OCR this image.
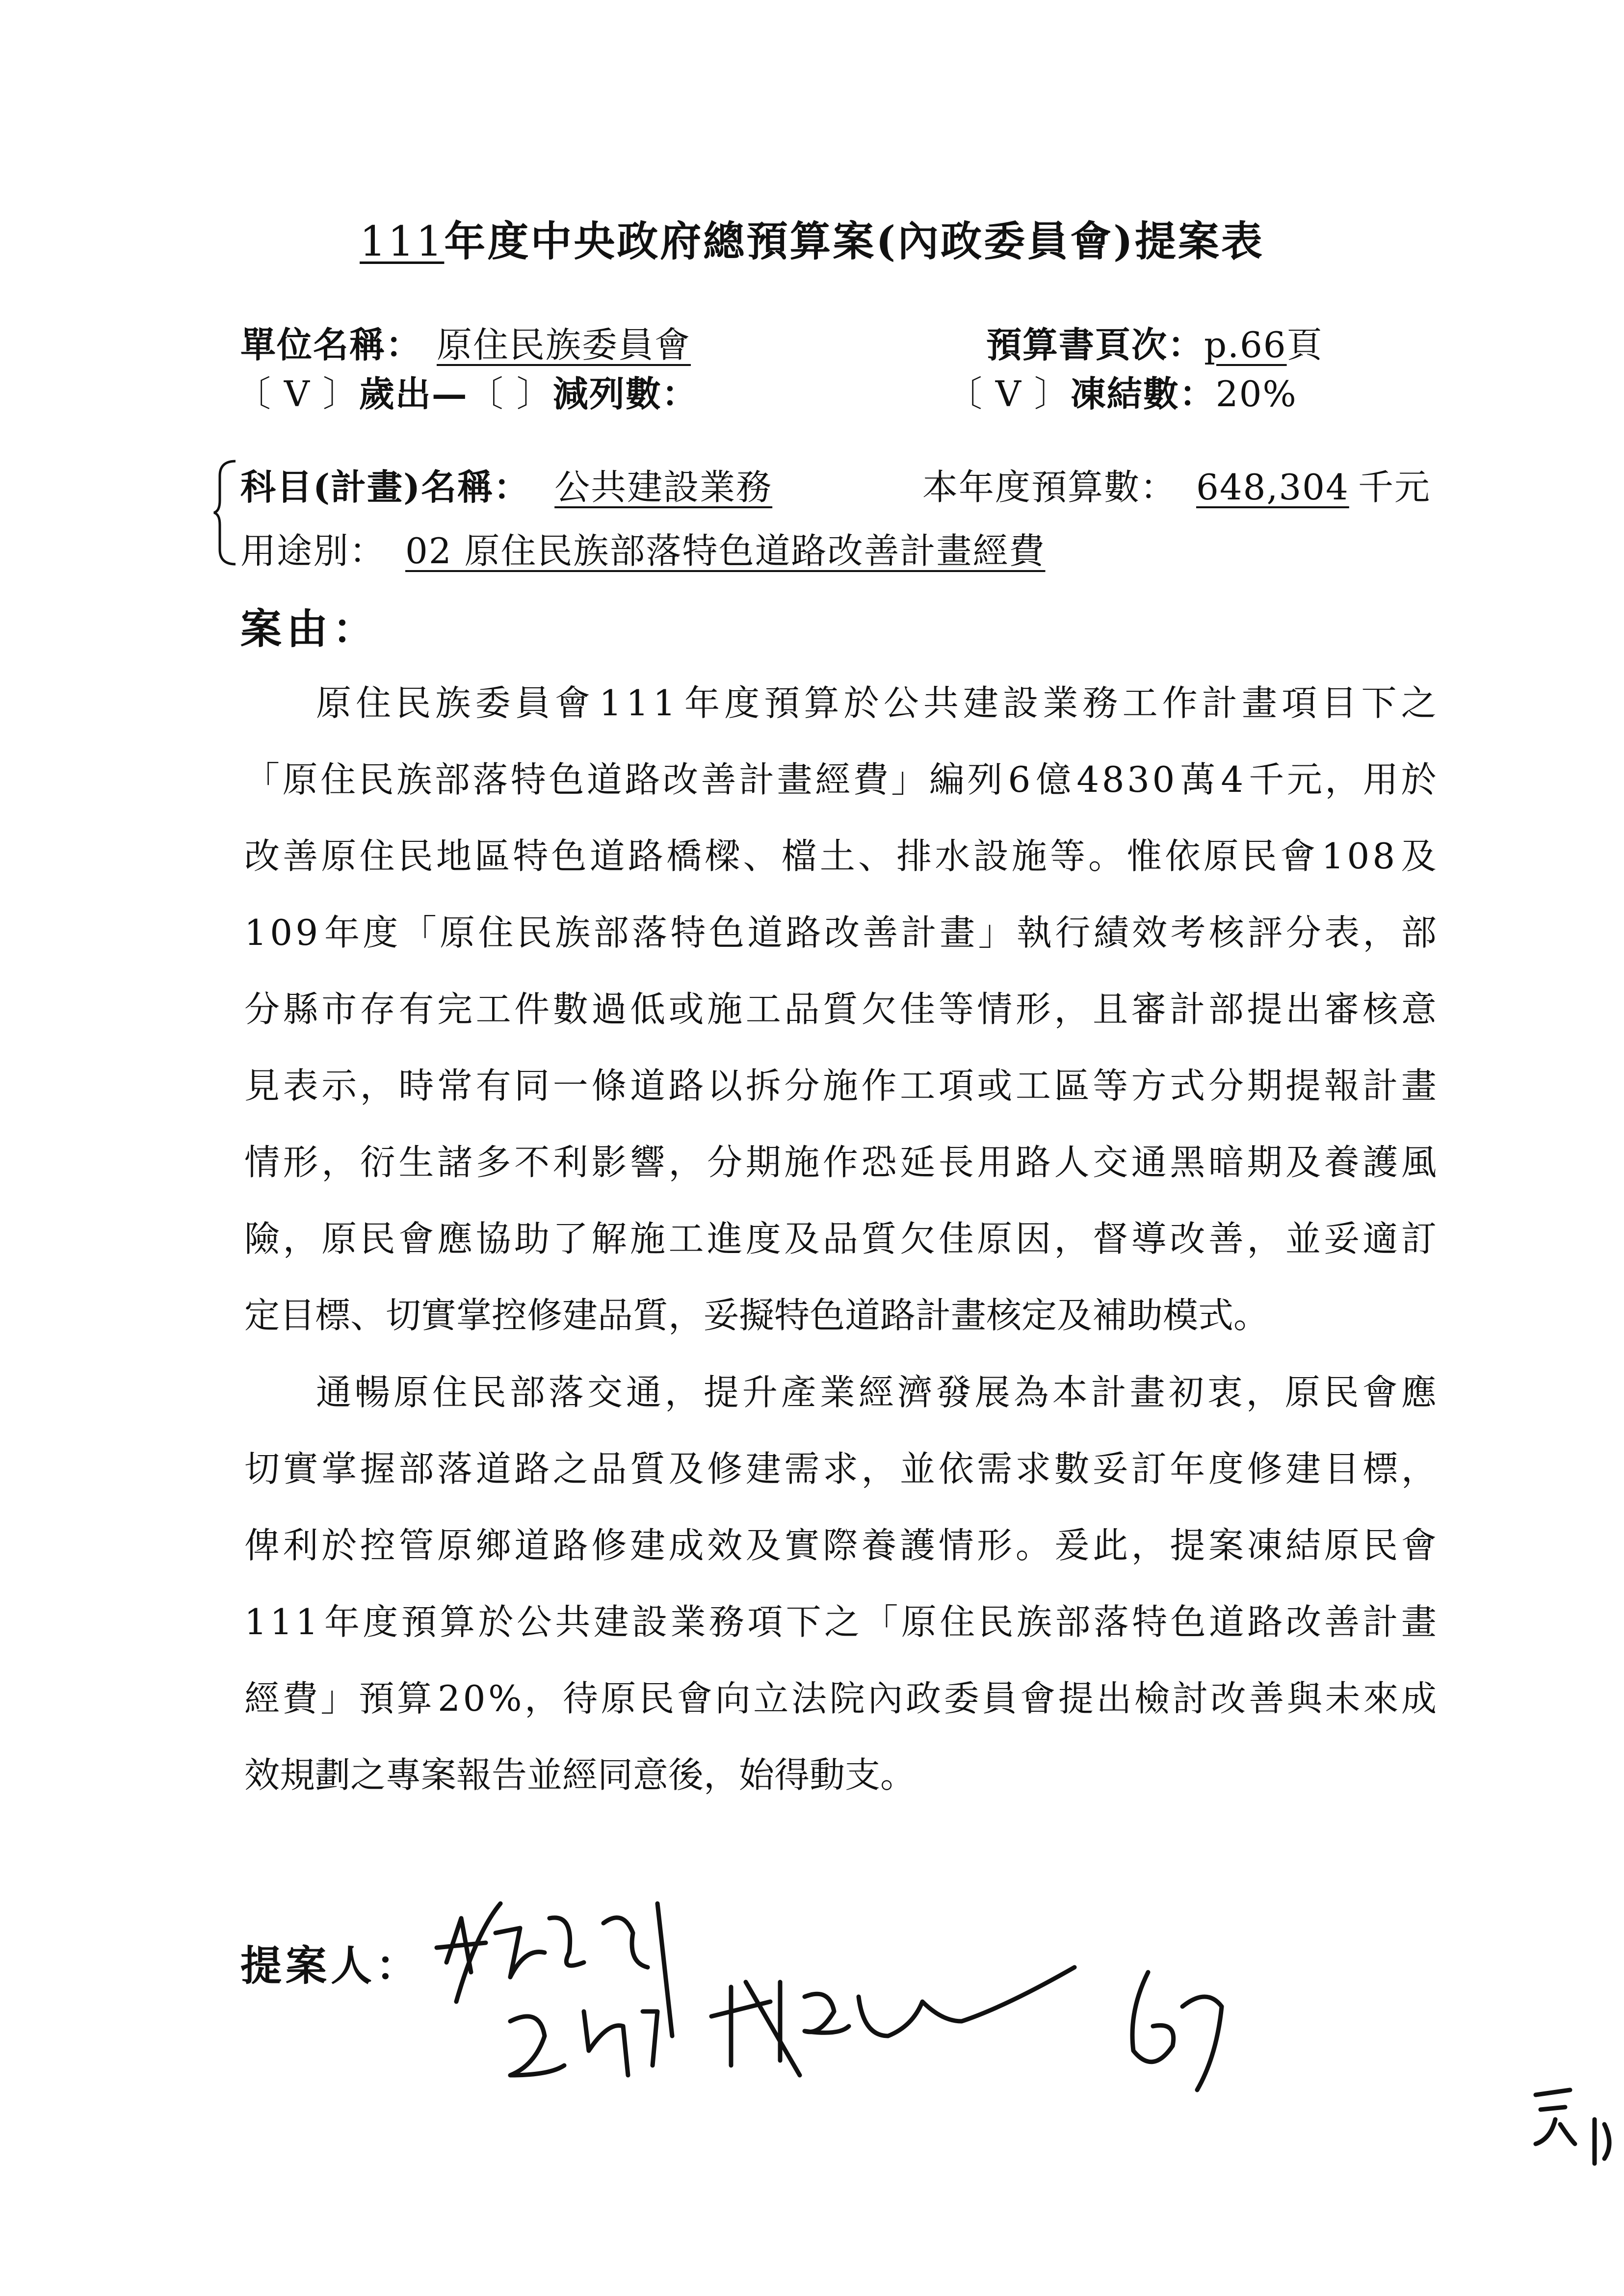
111年度中央政府總預算案(內政委員會)提案表
單位名稱： 原住民族委員會	預算書頁次：p.66頁
〔 V 〕歲出—〔 〕減列數：	〔 V 〕凍結數：20%
科目(計畫)名稱： 公共建設業務	本年度預算數： 648,304 千元
用途別： 02 原住民族部落特色道路改善計畫經費
案由：
原 住 民 族 委 員 會 1 1 1 年 度 預 算 於 公 共 建 設 業 務 工 作 計 畫 項 目 下 之
「 原 住 民 族 部 落 特 色 道 路 改 善 計 畫 經 費 」 編 列 6 億 4 8 3 0 萬 4 千 元 ， 用 於
改 善 原 住 民 地 區 特 色 道 路 橋 樑 、 檔 土 、 排 水 設 施 等 。 惟 依 原 民 會 1 0 8 及
1 0 9 年 度 「 原 住 民 族 部 落 特 色 道 路 改 善 計 畫 」 執 行 績 效 考 核 評 分 表 ， 部
分 縣 市 存 有 完 工 件 數 過 低 或 施 工 品 質 欠 佳 等 情 形 ， 且 審 計 部 提 出 審 核 意
見 表 示 ， 時 常 有 同 一 條 道 路 以 拆 分 施 作 工 項 或 工 區 等 方 式 分 期 提 報 計 畫
情 形 ， 衍 生 諸 多 不 利 影 響 ， 分 期 施 作 恐 延 長 用 路 人 交 通 黑 暗 期 及 養 護 風
險 ， 原 民 會 應 協 助 了 解 施 工 進 度 及 品 質 欠 佳 原 因 ， 督 導 改 善 ， 並 妥 適 訂
定目標、切實掌控修建品質，妥擬特色道路計畫核定及補助模式。
通 暢 原 住 民 部 落 交 通 ， 提 升 產 業 經 濟 發 展 為 本 計 畫 初 衷 ， 原 民 會 應
切 實 掌 握 部 落 道 路 之 品 質 及 修 建 需 求 ， 並 依 需 求 數 妥 訂 年 度 修 建 目 標 ，
俾 利 於 控 管 原 鄉 道 路 修 建 成 效 及 實 際 養 護 情 形 。 爰 此 ， 提 案 凍 結 原 民 會
1 1 1 年 度 預 算 於 公 共 建 設 業 務 項 下 之 「 原 住 民 族 部 落 特 色 道 路 改 善 計 畫
經 費 」 預 算 2 0 % ， 待 原 民 會 向 立 法 院 內 政 委 員 會 提 出 檢 討 改 善 與 未 來 成
效規劃之專案報告並經同意後，始得動支。
提案人：
